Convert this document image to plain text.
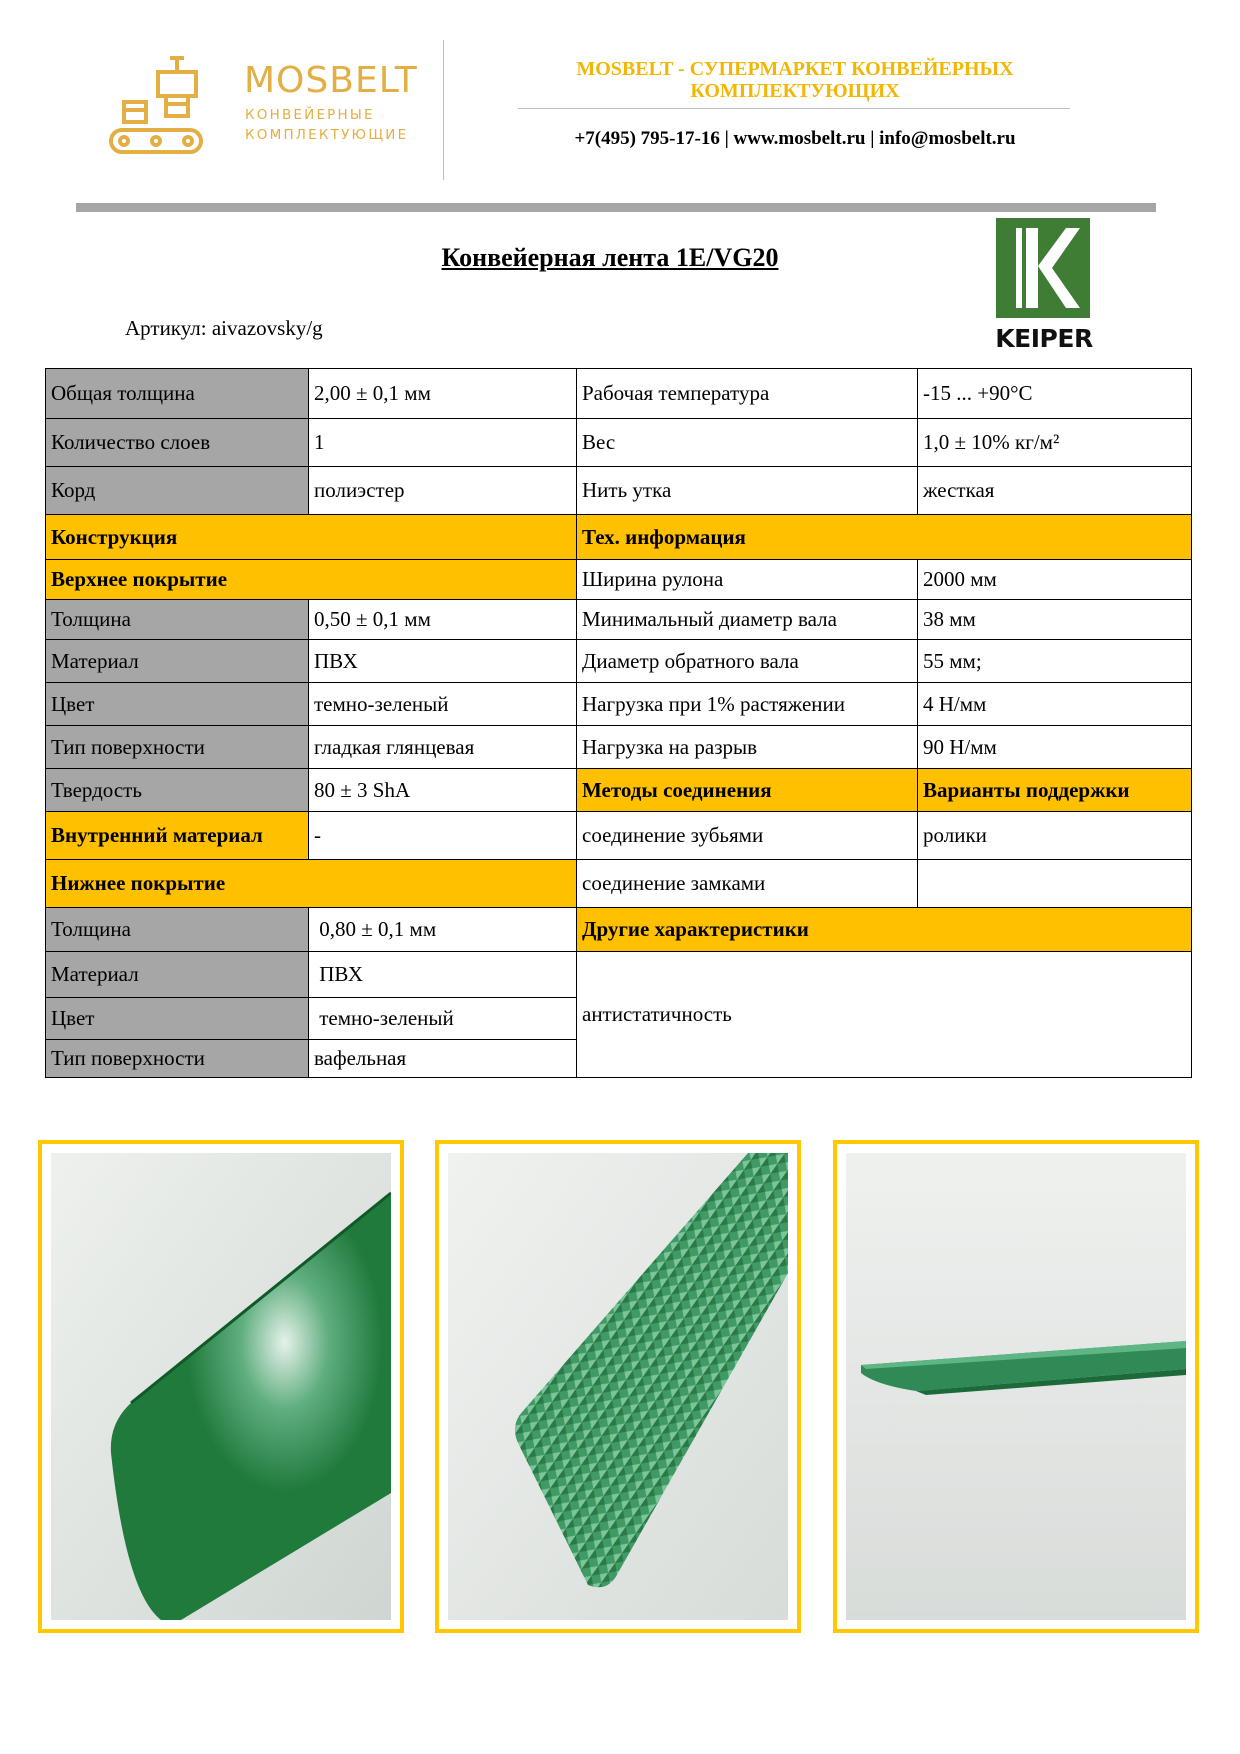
MOSBELT
КОНВЕЙЕРНЫЕ
КОМПЛЕКТУЮЩИЕ
MOSBELT - СУПЕРМАРКЕТ КОНВЕЙЕРНЫХ КОМПЛЕКТУЮЩИХ
+7(495) 795-17-16 | www.mosbelt.ru | info@mosbelt.ru
Конвейерная лента 1E/VG20
Артикул: aivazovsky/g	KEIPER
Общая толщина	2,00 ± 0,1 мм	Рабочая температура	-15 ... +90°C
Количество слоев	1	Вес	1,0 ± 10% кг/м²
Корд	полиэстер	Нить утка	жесткая
Конструкция		Тех. информация	
Верхнее покрытие		Ширина рулона	2000 мм
Толщина	0,50 ± 0,1 мм	Минимальный диаметр вала	38 мм
Материал	ПВХ	Диаметр обратного вала	55 мм;
Цвет	темно-зеленый	Нагрузка при 1% растяжении	4 Н/мм
Тип поверхности	гладкая глянцевая	Нагрузка на разрыв	90 Н/мм
Твердость	80 ± 3 ShA	Методы соединения	Варианты поддержки
Внутренний материал	-	соединение зубьями	ролики
Нижнее покрытие		соединение замками	
Толщина	0,80 ± 0,1 мм	Другие характеристики	
Материал	ПВХ	антистатичность	
Цвет	темно-зеленый		
Тип поверхности	вафельная		
